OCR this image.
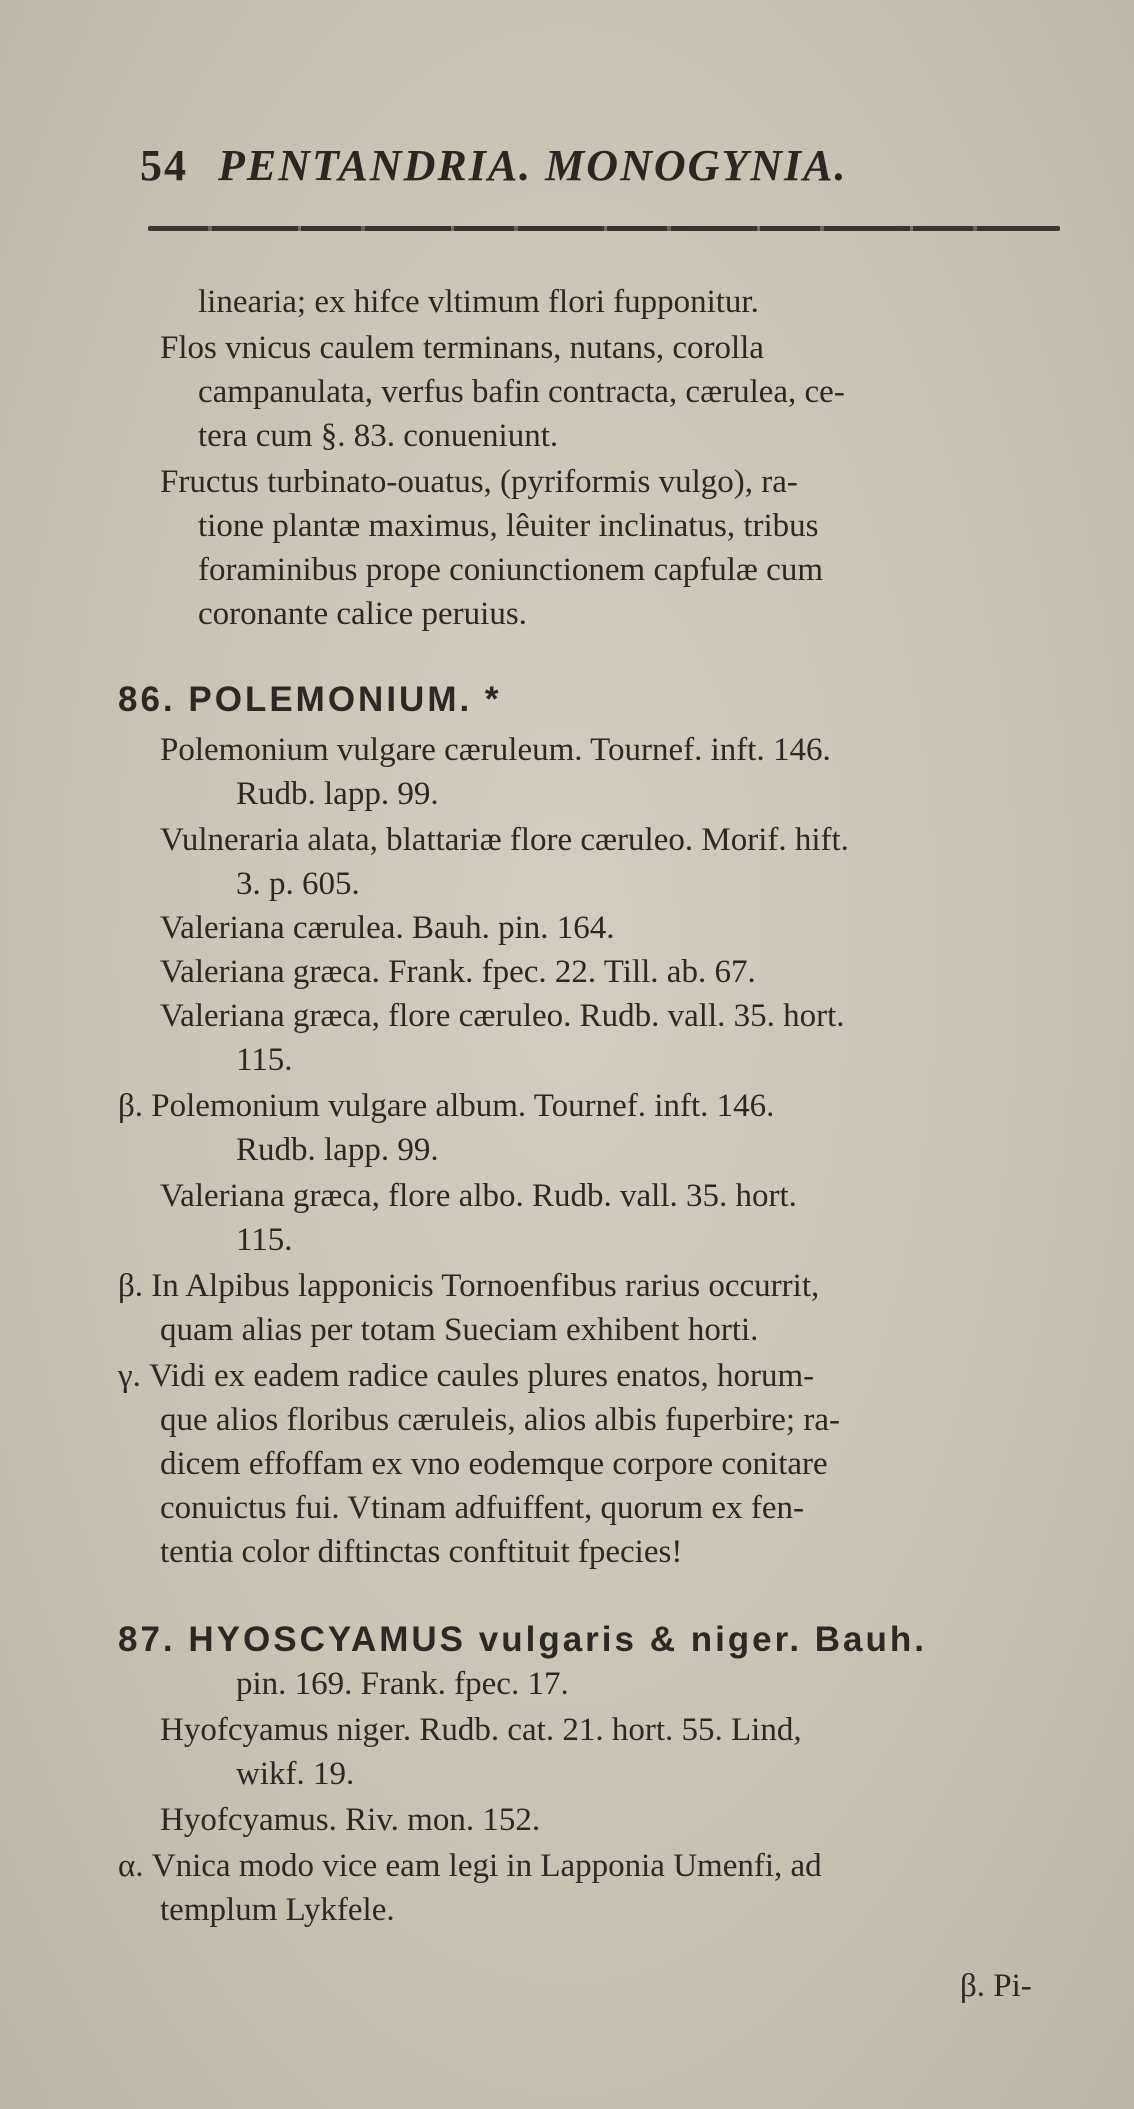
54 PENTANDRIA. MONOGYNIA.
linearia; ex hifce vltimum flori fupponitur.
Flos vnicus caulem terminans, nutans, corolla
campanulata, verfus bafin contracta, cærulea, ce-
tera cum §. 83. conueniunt.
Fructus turbinato-ouatus, (pyriformis vulgo), ra-
tione plantæ maximus, lêuiter inclinatus, tribus
foraminibus prope coniunctionem capfulæ cum
coronante calice peruius.
86. POLEMONIUM. *
Polemonium vulgare cæruleum. Tournef. inft. 146.
Rudb. lapp. 99.
Vulneraria alata, blattariæ flore cæruleo. Morif. hift.
3. p. 605.
Valeriana cærulea. Bauh. pin. 164.
Valeriana græca. Frank. fpec. 22. Till. ab. 67.
Valeriana græca, flore cæruleo. Rudb. vall. 35. hort.
115.
β. Polemonium vulgare album. Tournef. inft. 146.
Rudb. lapp. 99.
Valeriana græca, flore albo. Rudb. vall. 35. hort.
115.
β. In Alpibus lapponicis Tornoenfibus rarius occurrit,
quam alias per totam Sueciam exhibent horti.
γ. Vidi ex eadem radice caules plures enatos, horum-
que alios floribus cæruleis, alios albis fuperbire; ra-
dicem effoffam ex vno eodemque corpore conitare
conuictus fui. Vtinam adfuiffent, quorum ex fen-
tentia color diftinctas conftituit fpecies!
87. HYOSCYAMUS vulgaris & niger. Bauh.
pin. 169. Frank. fpec. 17.
Hyofcyamus niger. Rudb. cat. 21. hort. 55. Lind,
wikf. 19.
Hyofcyamus. Riv. mon. 152.
α. Vnica modo vice eam legi in Lapponia Umenfi, ad
templum Lykfele.
β. Pi-
